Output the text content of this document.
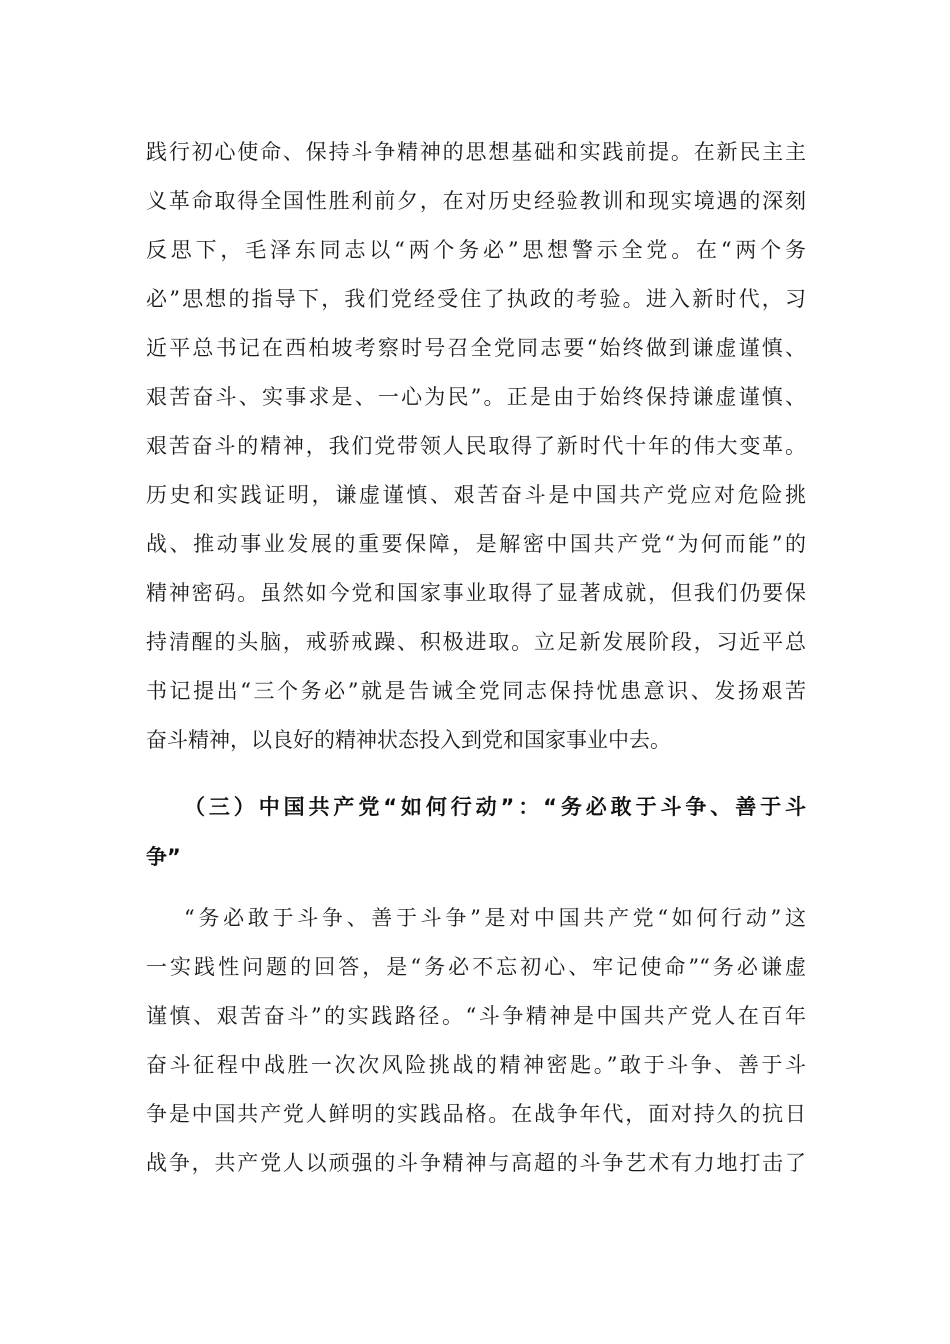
践行初心使命、保持斗争精神的思想基础和实践前提。在新民主主
义革命取得全国性胜利前夕，在对历史经验教训和现实境遇的深刻
反思下，毛泽东同志以“两个务必”思想警示全党。在“两个务
必”思想的指导下，我们党经受住了执政的考验。进入新时代，习
近平总书记在西柏坡考察时号召全党同志要“始终做到谦虚谨慎、
艰苦奋斗、实事求是、一心为民”。正是由于始终保持谦虚谨慎、
艰苦奋斗的精神，我们党带领人民取得了新时代十年的伟大变革。
历史和实践证明，谦虚谨慎、艰苦奋斗是中国共产党应对危险挑
战、推动事业发展的重要保障，是解密中国共产党“为何而能”的
精神密码。虽然如今党和国家事业取得了显著成就，但我们仍要保
持清醒的头脑，戒骄戒躁、积极进取。立足新发展阶段，习近平总
书记提出“三个务必”就是告诫全党同志保持忧患意识、发扬艰苦
奋斗精神，以良好的精神状态投入到党和国家事业中去。
（三）中国共产党“如何行动”：“务必敢于斗争、善于斗
争”
“务必敢于斗争、善于斗争”是对中国共产党“如何行动”这
一实践性问题的回答，是“务必不忘初心、牢记使命”“务必谦虚
谨慎、艰苦奋斗”的实践路径。“斗争精神是中国共产党人在百年
奋斗征程中战胜一次次风险挑战的精神密匙。”敢于斗争、善于斗
争是中国共产党人鲜明的实践品格。在战争年代，面对持久的抗日
战争，共产党人以顽强的斗争精神与高超的斗争艺术有力地打击了
